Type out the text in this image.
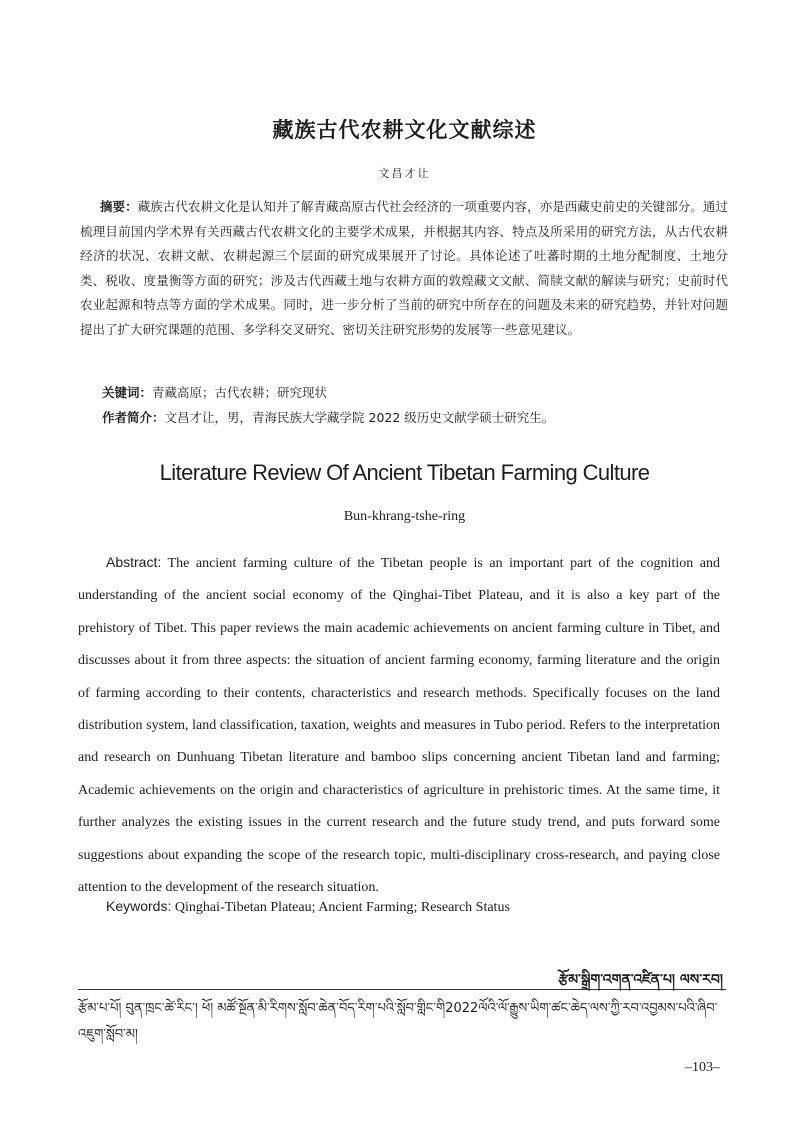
藏族古代农耕文化文献综述
文昌才让
摘要：藏族古代农耕文化是认知并了解青藏高原古代社会经济的一项重要内容，亦是西藏史前史的关键部分。通过梳理目前国内学术界有关西藏古代农耕文化的主要学术成果，并根据其内容、特点及所采用的研究方法，从古代农耕经济的状况、农耕文献、农耕起源三个层面的研究成果展开了讨论。具体论述了吐蕃时期的土地分配制度、土地分类、税收、度量衡等方面的研究；涉及古代西藏土地与农耕方面的敦煌藏文文献、简牍文献的解读与研究；史前时代农业起源和特点等方面的学术成果。同时，进一步分析了当前的研究中所存在的问题及未来的研究趋势，并针对问题提出了扩大研究课题的范围、多学科交叉研究、密切关注研究形势的发展等一些意见建议。
关键词：青藏高原；古代农耕；研究现状
作者简介：文昌才让，男，青海民族大学藏学院 2022 级历史文献学硕士研究生。
Literature Review Of Ancient Tibetan Farming Culture
Bun-khrang-tshe-ring
Abstract: The ancient farming culture of the Tibetan people is an important part of the cognition and understanding of the ancient social economy of the Qinghai-Tibet Plateau, and it is also a key part of the prehistory of Tibet. This paper reviews the main academic achievements on ancient farming culture in Tibet, and discusses about it from three aspects: the situation of ancient farming economy, farming literature and the origin of farming according to their contents, characteristics and research methods. Specifically focuses on the land distribution system, land classification, taxation, weights and measures in Tubo period. Refers to the interpretation and research on Dunhuang Tibetan literature and bamboo slips concerning ancient Tibetan land and farming; Academic achievements on the origin and characteristics of agriculture in prehistoric times. At the same time, it further analyzes the existing issues in the current research and the future study trend, and puts forward some suggestions about expanding the scope of the research topic, multi-disciplinary cross-research, and paying close attention to the development of the research situation.
Keywords: Qinghai-Tibetan Plateau; Ancient Farming; Research Status
རྩོམ་སྒྲིག་འགན་འཛིན་པ། ལས་རབ།
རྩོམ་པ་པོ། བུན་ཁྲང་ཚེ་རིང་། ཕོ། མཚོ་སྔོན་མི་རིགས་སློབ་ཆེན་བོད་རིག་པའི་སློབ་གླིང་གི2022ལོའི་ལོ་རྒྱུས་ཡིག་ཚང་ཆེད་ལས་ཀྱི་རབ་འབྱམས་པའི་ཞིབ་འཇུག་སློབ་མ།
–103–
